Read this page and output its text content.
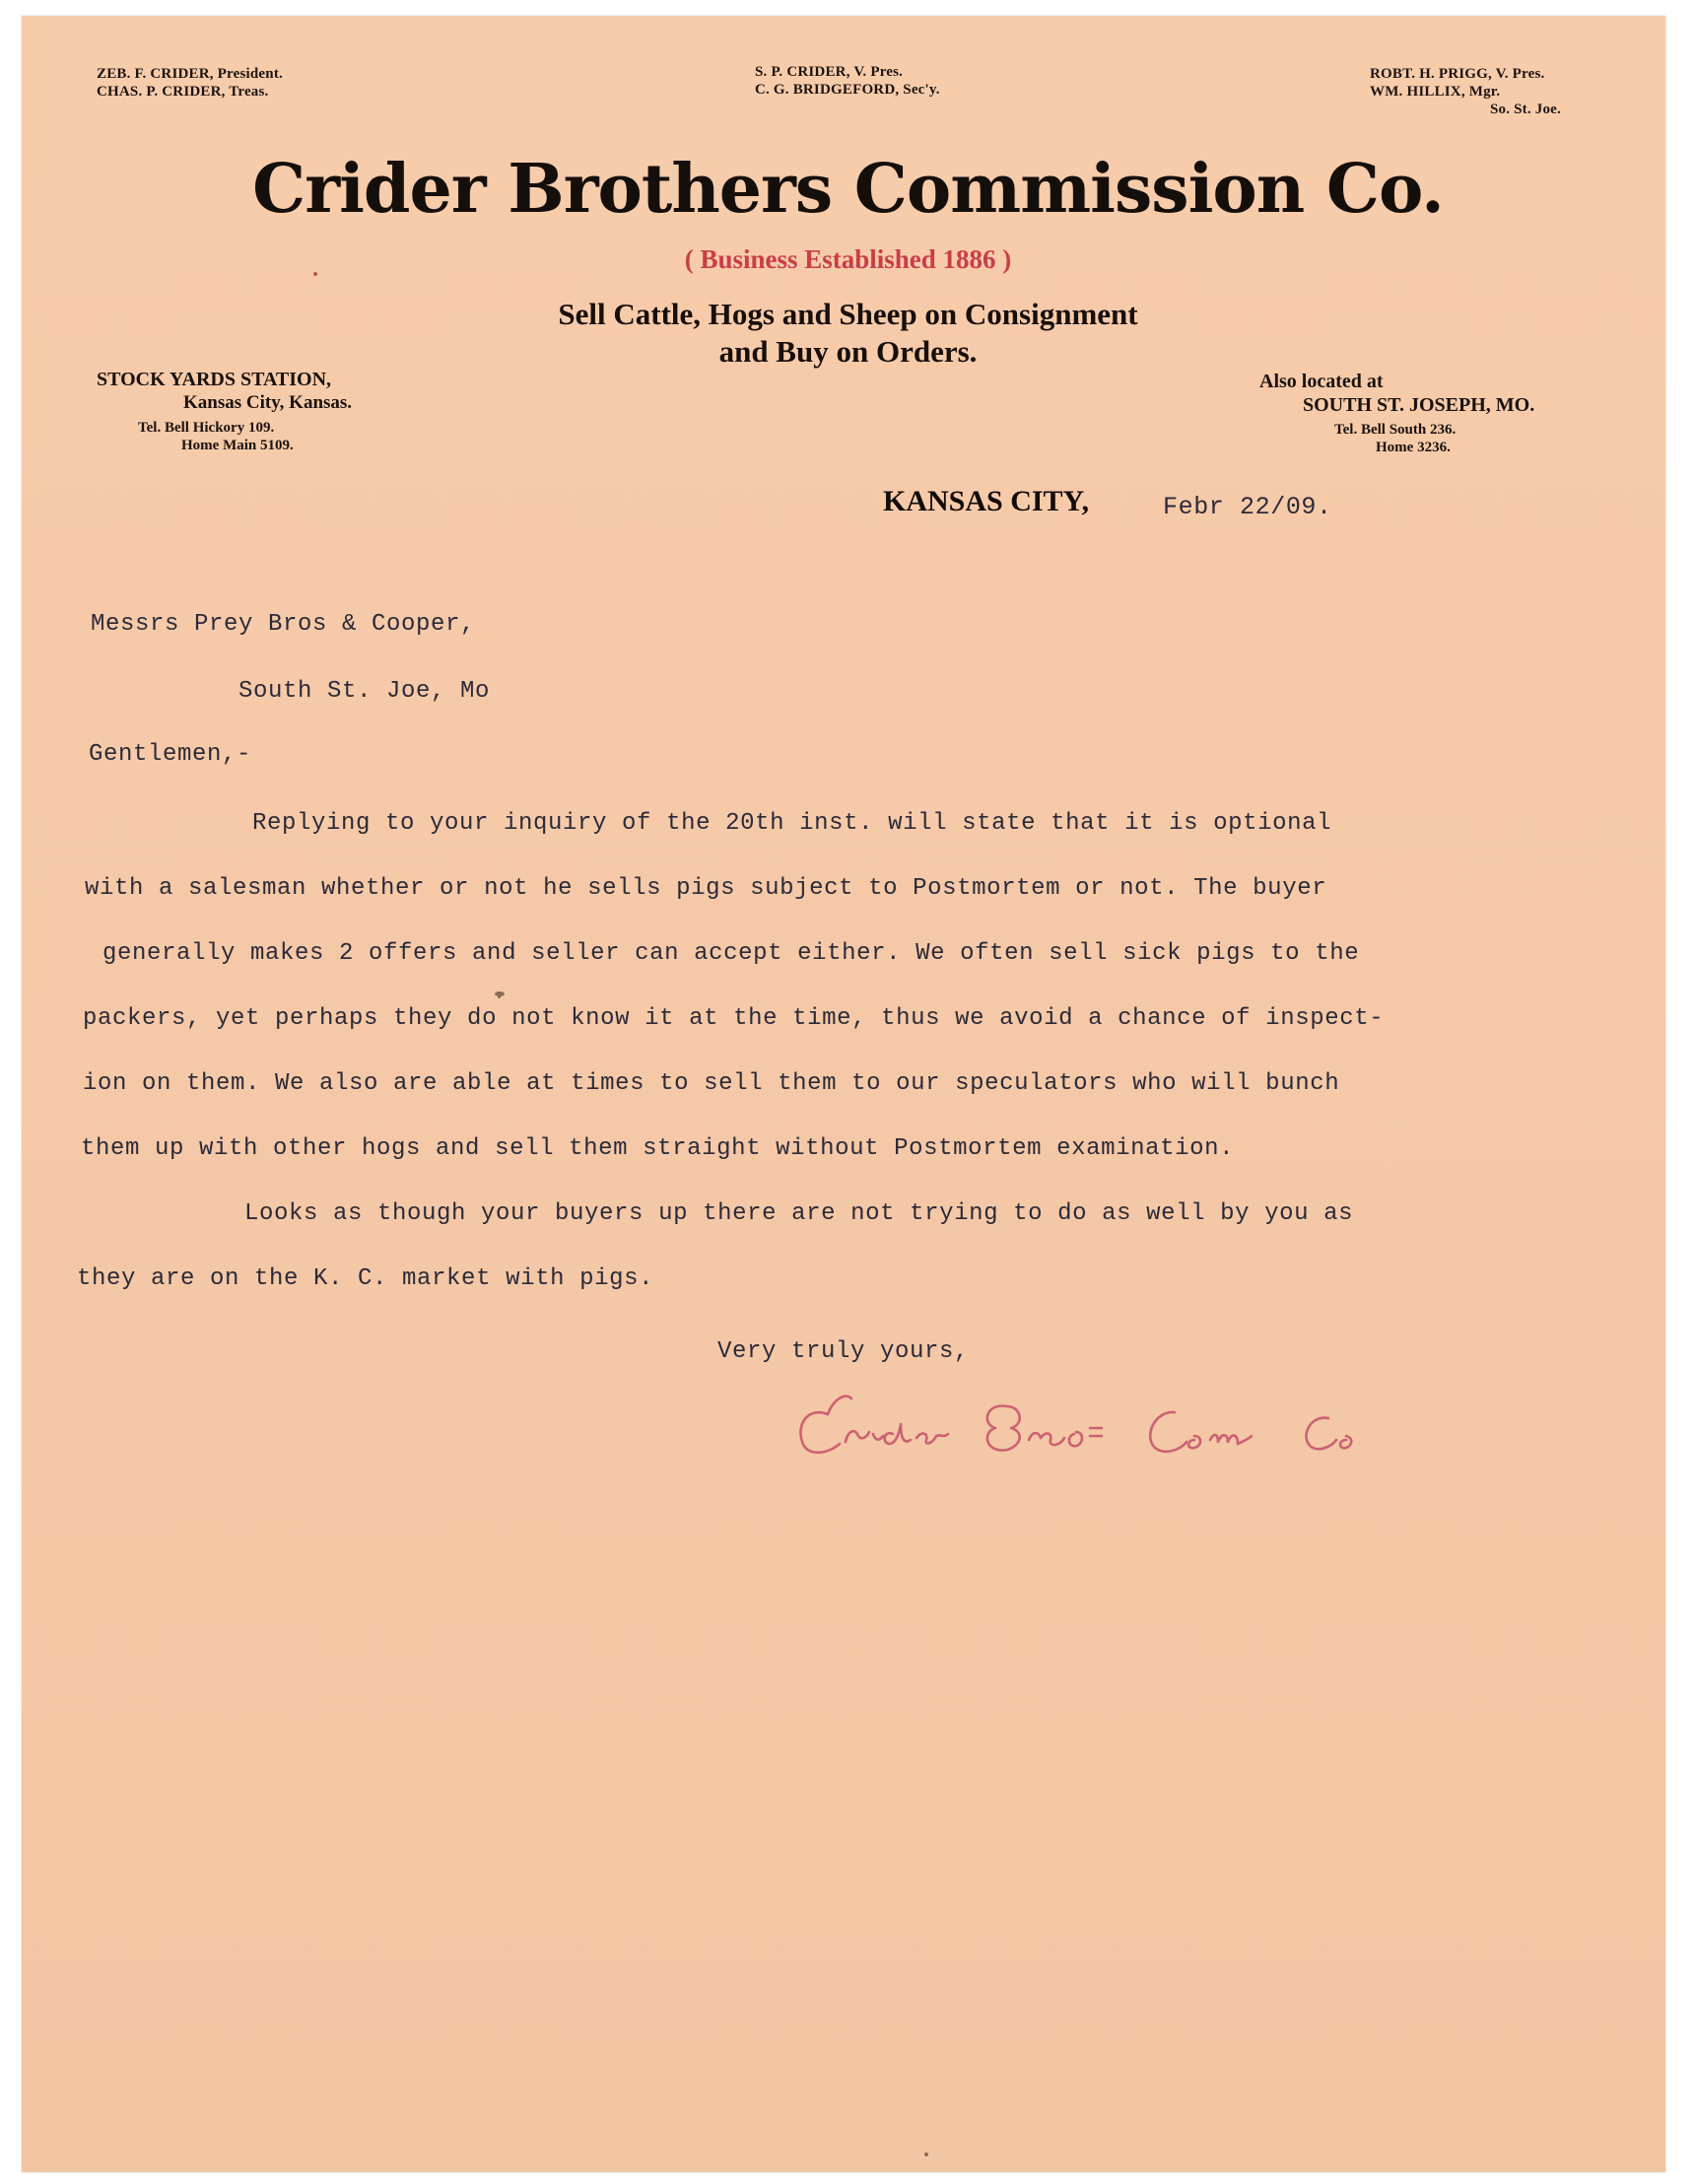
ZEB. F. CRIDER, President.
CHAS. P. CRIDER, Treas.
S. P. CRIDER, V. Pres.
C. G. BRIDGEFORD, Sec'y.
ROBT. H. PRIGG, V. Pres.
WM. HILLIX, Mgr.
So. St. Joe.
Crider Brothers Commission Co.
( Business Established 1886 )
Sell Cattle, Hogs and Sheep on Consignment
and Buy on Orders.
STOCK YARDS STATION,
Kansas City, Kansas.
Tel. Bell Hickory 109.
Home Main 5109.
Also located at
SOUTH ST. JOSEPH, MO.
Tel. Bell South 236.
Home 3236.
KANSAS CITY,	Febr 22/09.
Messrs Prey Bros & Cooper,
South St. Joe, Mo
Gentlemen,-
Replying to your inquiry of the 20th inst. will state that it is optional
with a salesman whether or not he sells pigs subject to Postmortem or not. The buyer
generally makes 2 offers and seller can accept either. We often sell sick pigs to the
packers, yet perhaps they do not know it at the time, thus we avoid a chance of inspect-
ion on them. We also are able at times to sell them to our speculators who will bunch
them up with other hogs and sell them straight without Postmortem examination.
Looks as though your buyers up there are not trying to do as well by you as
they are on the K. C. market with pigs.
Very truly yours,
